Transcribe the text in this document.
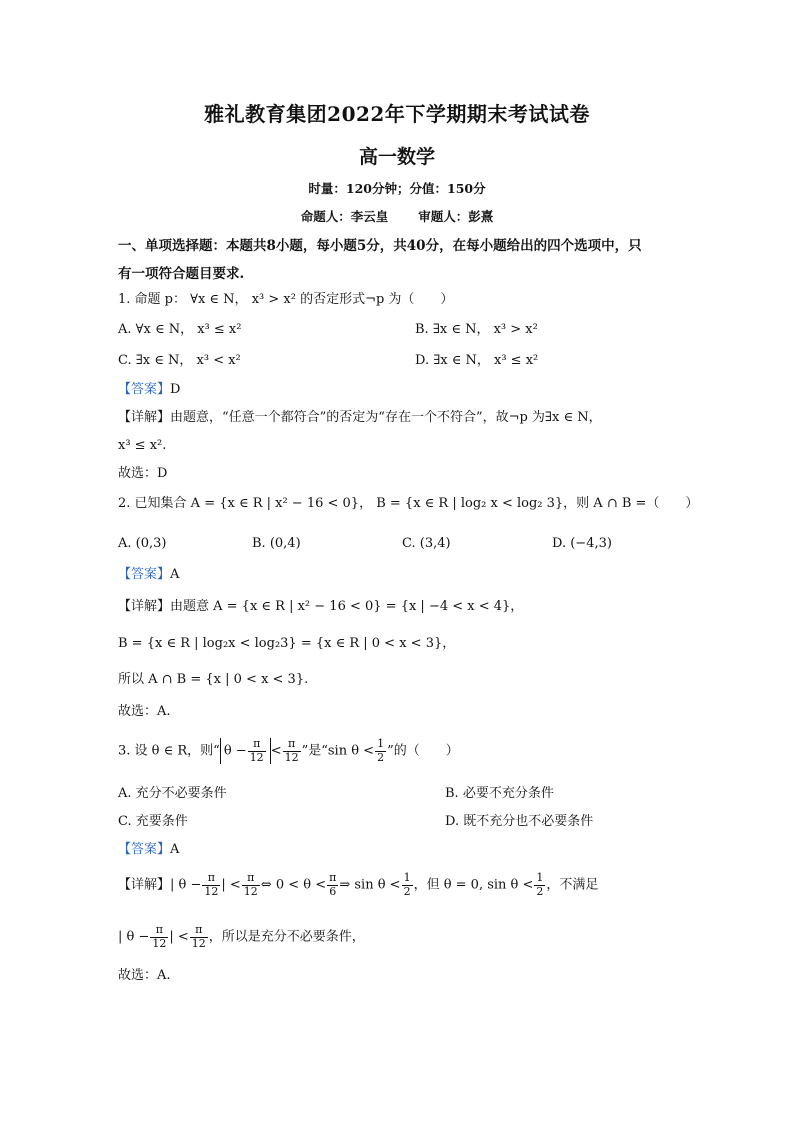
雅礼教育集团2022年下学期期末考试试卷
高一数学
时量：120分钟；分值：150分
命题人：李云皇 审题人：彭熹
一、单项选择题：本题共8小题，每小题5分，共40分，在每小题给出的四个选项中，只
有一项符合题目要求.
1. 命题 p： ∀x ∈ N， x³ > x² 的否定形式¬p 为（　　）
A. ∀x ∈ N， x³ ≤ x²	B. ∃x ∈ N， x³ > x²
C. ∃x ∈ N， x³ < x²	D. ∃x ∈ N， x³ ≤ x²
【答案】D
【详解】由题意，“任意一个都符合”的否定为“存在一个不符合”，故¬p 为∃x ∈ N，
x³ ≤ x².
故选：D
2. 已知集合 A = {x ∈ R | x² − 16 < 0}， B = {x ∈ R | log₂ x < log₂ 3}，则 A ∩ B =（　　）
A. (0,3)	B. (0,4)	C. (3,4)	D. (−4,3)
【答案】A
【详解】由题意 A = {x ∈ R | x² − 16 < 0} = {x | −4 < x < 4}，
B = {x ∈ R | log₂x < log₂3} = {x ∈ R | 0 < x < 3}，
所以 A ∩ B = {x | 0 < x < 3}.
故选：A.
3. 设 θ ∈ R，则“ $\theta - \frac{\pi}{12} < \frac{\pi}{12}$ ”是“sin $\theta < \frac{1}{2}$ ”的（　　）
A. 充分不必要条件	B. 必要不充分条件
C. 充要条件	D. 既不充分也不必要条件
【答案】A
【详解】| $\theta - \frac{\pi}{12}$ | < $\frac{\pi}{12}$ ⇔ $0 < \theta < \frac{\pi}{6}$ ⇒ $\sin \theta < \frac{1}{2}$ ，但 θ = 0, $\sin \theta < \frac{1}{2}$ ，不满足
| $\theta - \frac{\pi}{12}$ | < $\frac{\pi}{12}$ ，所以是充分不必要条件，
故选：A.
